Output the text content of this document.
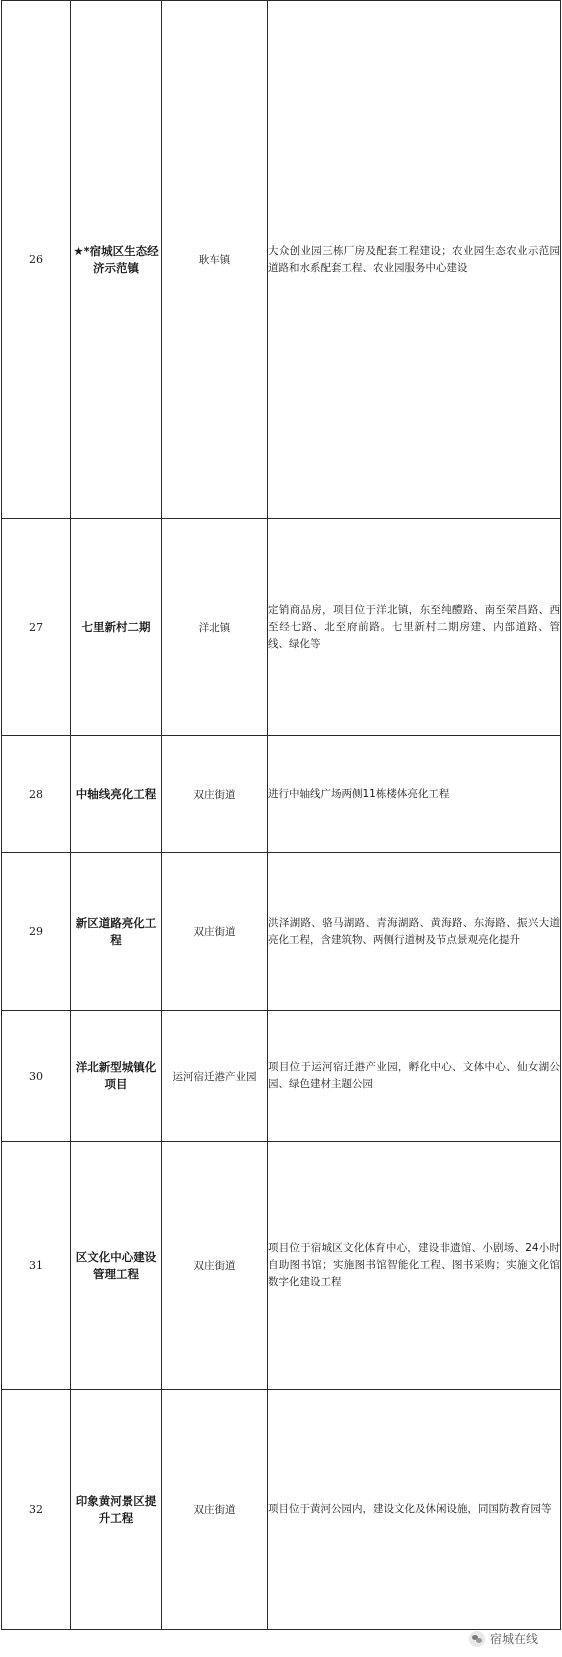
26	★*宿城区生态经济示范镇	耿车镇	大众创业园三栋厂房及配套工程建设；农业园生态农业示范园道路和水系配套工程、农业园服务中心建设
27	七里新村二期	洋北镇	定销商品房，项目位于洋北镇，东至纯醴路、南至荣昌路、西至经七路、北至府前路。七里新村二期房建、内部道路、管线、绿化等
28	中轴线亮化工程	双庄街道	进行中轴线广场两侧11栋楼体亮化工程
29	新区道路亮化工程	双庄街道	洪泽湖路、骆马湖路、青海湖路、黄海路、东海路、振兴大道亮化工程，含建筑物、两侧行道树及节点景观亮化提升
30	洋北新型城镇化项目	运河宿迁港产业园	项目位于运河宿迁港产业园，孵化中心、文体中心、仙女湖公园、绿色建材主题公园
31	区文化中心建设管理工程	双庄街道	项目位于宿城区文化体育中心，建设非遗馆、小剧场、24小时自助图书馆；实施图书馆智能化工程、图书采购；实施文化馆数字化建设工程
32	印象黄河景区提升工程	双庄街道	项目位于黄河公园内，建设文化及休闲设施，同国防教育园等
宿城在线
